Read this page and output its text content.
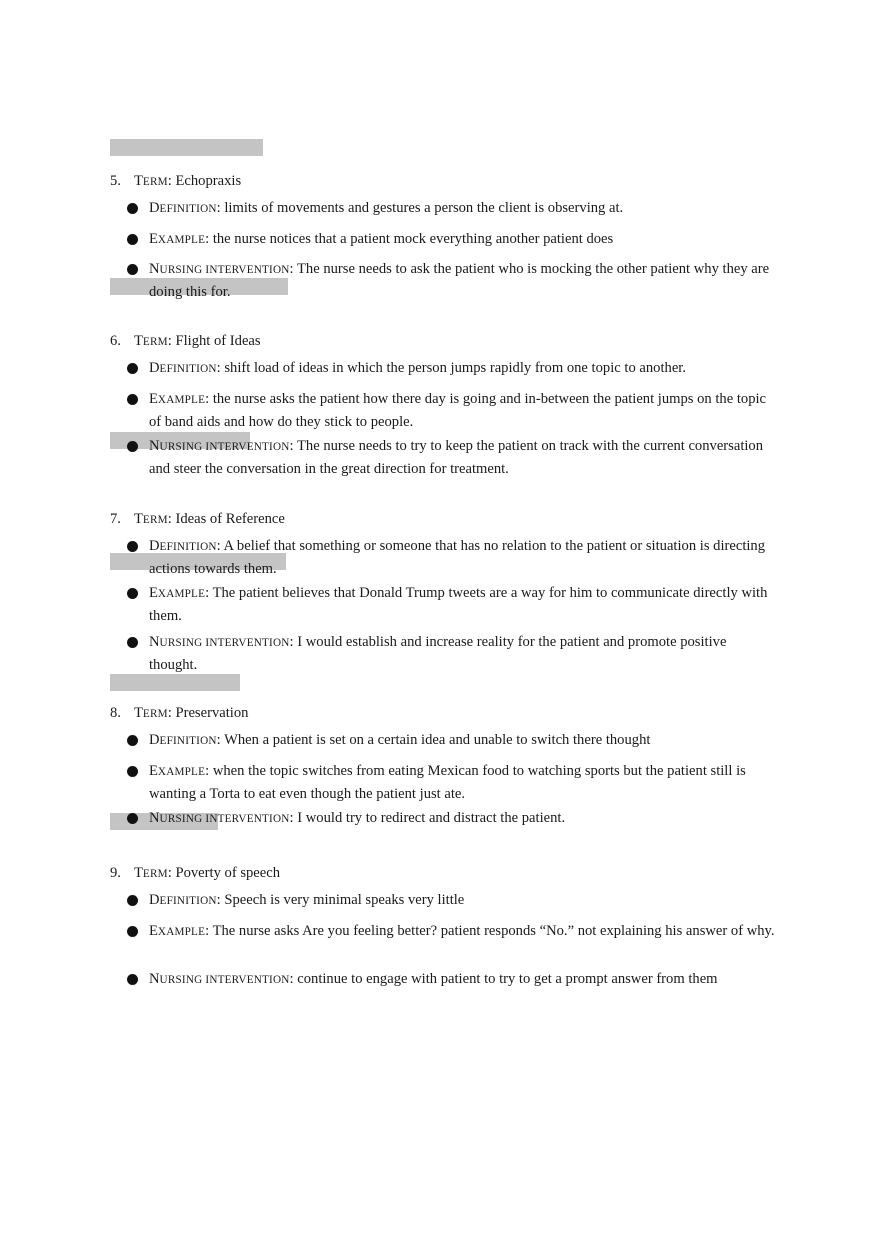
5. TERM: Echopraxis
DEFINITION: limits of movements and gestures a person the client is observing at.
EXAMPLE: the nurse notices that a patient mock everything another patient does
NURSING INTERVENTION: The nurse needs to ask the patient who is mocking the other patient why they are doing this for.
6. TERM: Flight of Ideas
DEFINITION: shift load of ideas in which the person jumps rapidly from one topic to another.
EXAMPLE: the nurse asks the patient how there day is going and in-between the patient jumps on the topic of band aids and how do they stick to people.
NURSING INTERVENTION: The nurse needs to try to keep the patient on track with the current conversation and steer the conversation in the great direction for treatment.
7. TERM: Ideas of Reference
DEFINITION: A belief that something or someone that has no relation to the patient or situation is directing actions towards them.
EXAMPLE: The patient believes that Donald Trump tweets are a way for him to communicate directly with them.
NURSING INTERVENTION: I would establish and increase reality for the patient and promote positive thought.
8. TERM: Preservation
DEFINITION: When a patient is set on a certain idea and unable to switch there thought
EXAMPLE: when the topic switches from eating Mexican food to watching sports but the patient still is wanting a Torta to eat even though the patient just ate.
NURSING INTERVENTION: I would try to redirect and distract the patient.
9. TERM: Poverty of speech
DEFINITION: Speech is very minimal speaks very little
EXAMPLE: The nurse asks Are you feeling better? patient responds “No.” not explaining his answer of why.
NURSING INTERVENTION: continue to engage with patient to try to get a prompt answer from them
